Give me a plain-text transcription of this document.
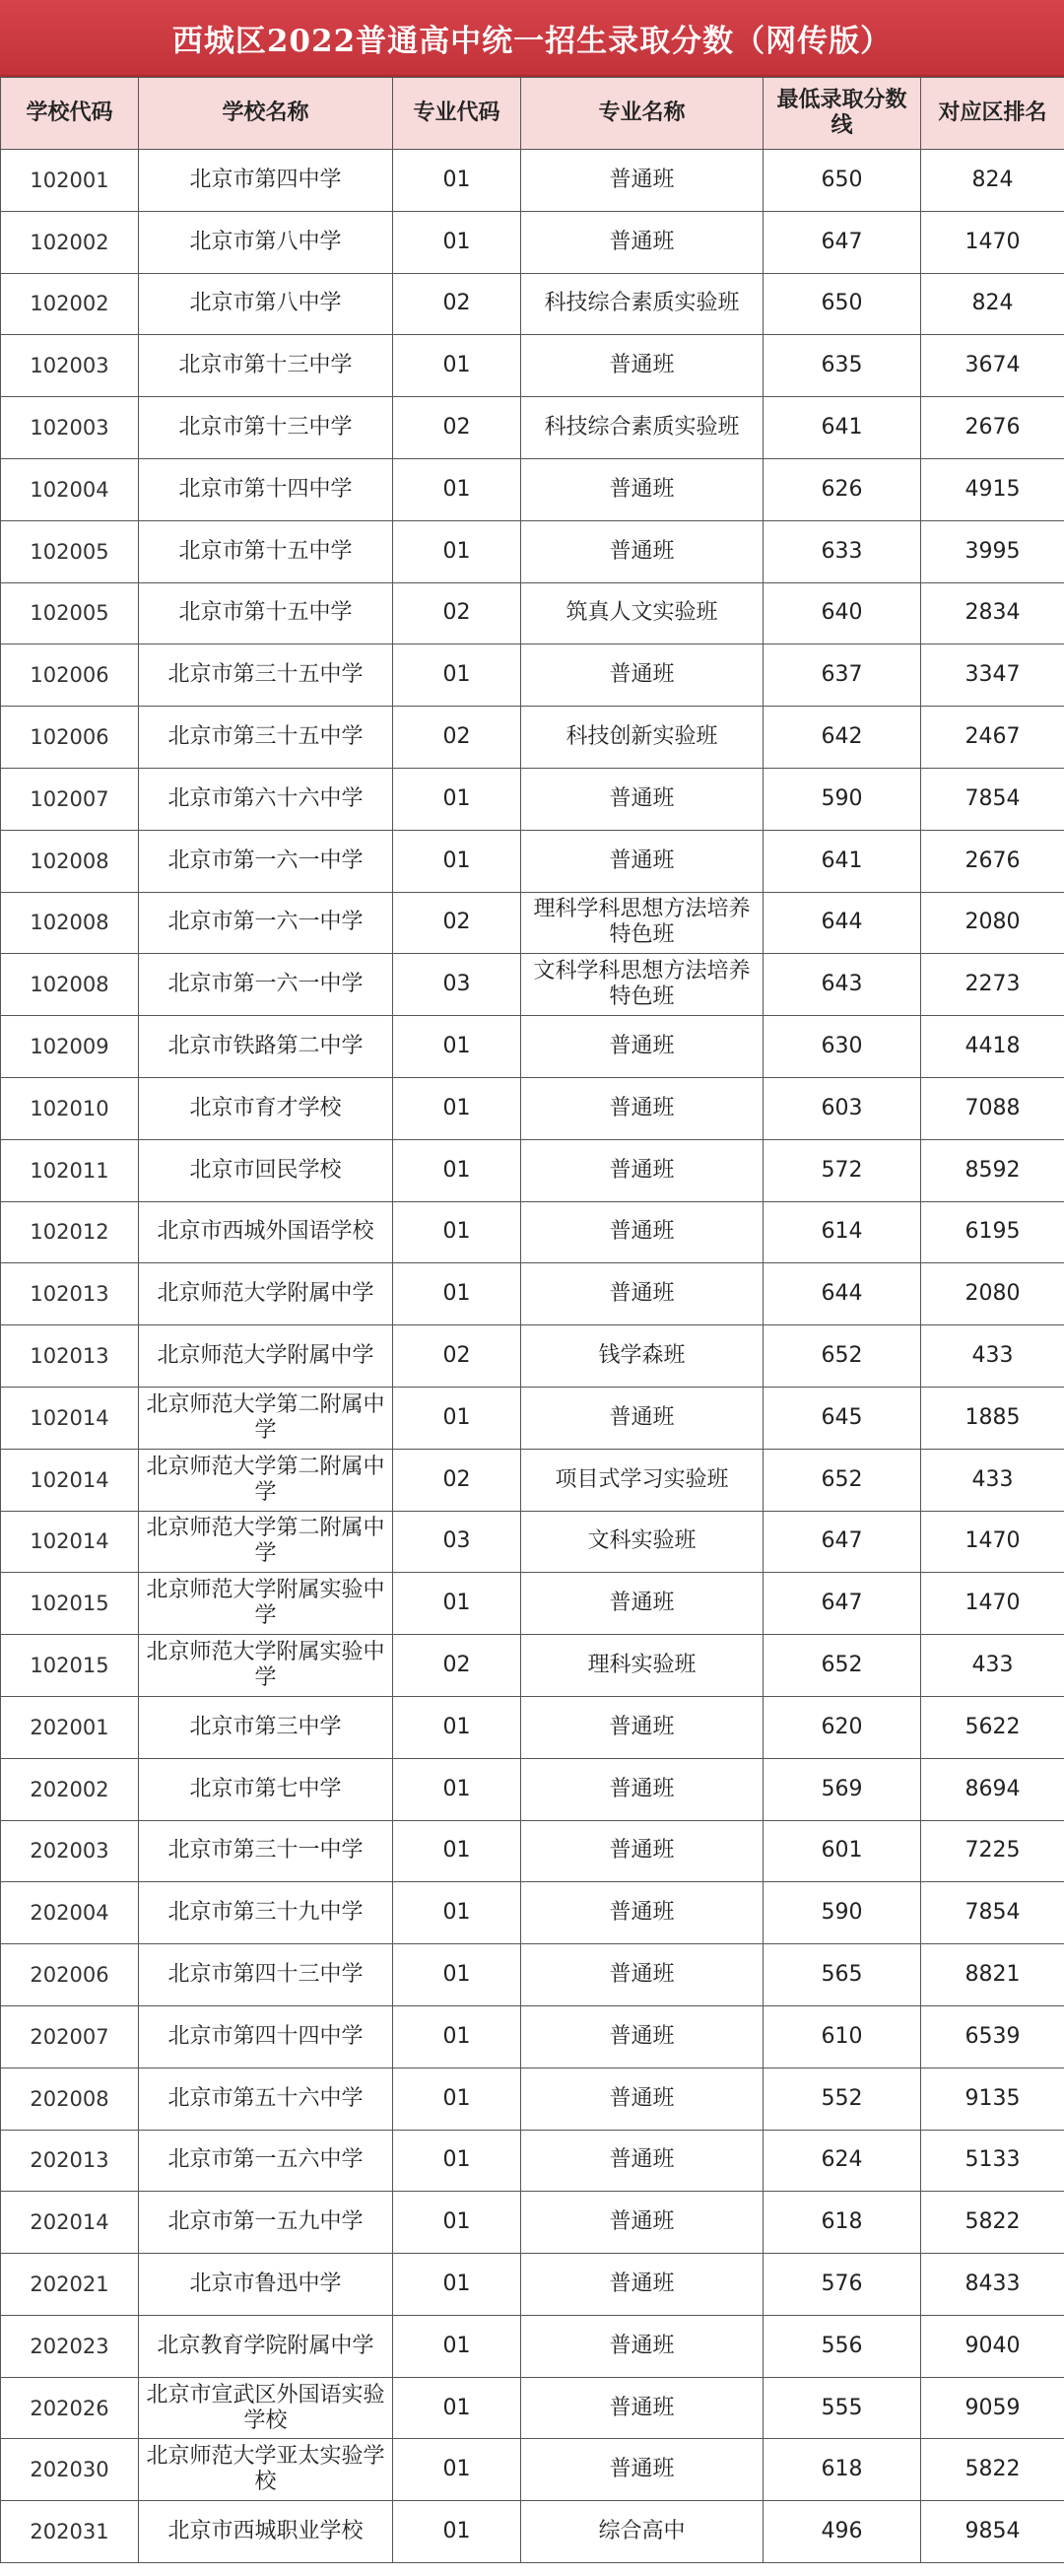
西城区2022普通高中统一招生录取分数（网传版）
学校代码	学校名称	专业代码	专业名称	最低录取分数线	对应区排名
102001	北京市第四中学	01	普通班	650	824
102002	北京市第八中学	01	普通班	647	1470
102002	北京市第八中学	02	科技综合素质实验班	650	824
102003	北京市第十三中学	01	普通班	635	3674
102003	北京市第十三中学	02	科技综合素质实验班	641	2676
102004	北京市第十四中学	01	普通班	626	4915
102005	北京市第十五中学	01	普通班	633	3995
102005	北京市第十五中学	02	筑真人文实验班	640	2834
102006	北京市第三十五中学	01	普通班	637	3347
102006	北京市第三十五中学	02	科技创新实验班	642	2467
102007	北京市第六十六中学	01	普通班	590	7854
102008	北京市第一六一中学	01	普通班	641	2676
102008	北京市第一六一中学	02	理科学科思想方法培养特色班	644	2080
102008	北京市第一六一中学	03	文科学科思想方法培养特色班	643	2273
102009	北京市铁路第二中学	01	普通班	630	4418
102010	北京市育才学校	01	普通班	603	7088
102011	北京市回民学校	01	普通班	572	8592
102012	北京市西城外国语学校	01	普通班	614	6195
102013	北京师范大学附属中学	01	普通班	644	2080
102013	北京师范大学附属中学	02	钱学森班	652	433
102014	北京师范大学第二附属中学	01	普通班	645	1885
102014	北京师范大学第二附属中学	02	项目式学习实验班	652	433
102014	北京师范大学第二附属中学	03	文科实验班	647	1470
102015	北京师范大学附属实验中学	01	普通班	647	1470
102015	北京师范大学附属实验中学	02	理科实验班	652	433
202001	北京市第三中学	01	普通班	620	5622
202002	北京市第七中学	01	普通班	569	8694
202003	北京市第三十一中学	01	普通班	601	7225
202004	北京市第三十九中学	01	普通班	590	7854
202006	北京市第四十三中学	01	普通班	565	8821
202007	北京市第四十四中学	01	普通班	610	6539
202008	北京市第五十六中学	01	普通班	552	9135
202013	北京市第一五六中学	01	普通班	624	5133
202014	北京市第一五九中学	01	普通班	618	5822
202021	北京市鲁迅中学	01	普通班	576	8433
202023	北京教育学院附属中学	01	普通班	556	9040
202026	北京市宣武区外国语实验学校	01	普通班	555	9059
202030	北京师范大学亚太实验学校	01	普通班	618	5822
202031	北京市西城职业学校	01	综合高中	496	9854
